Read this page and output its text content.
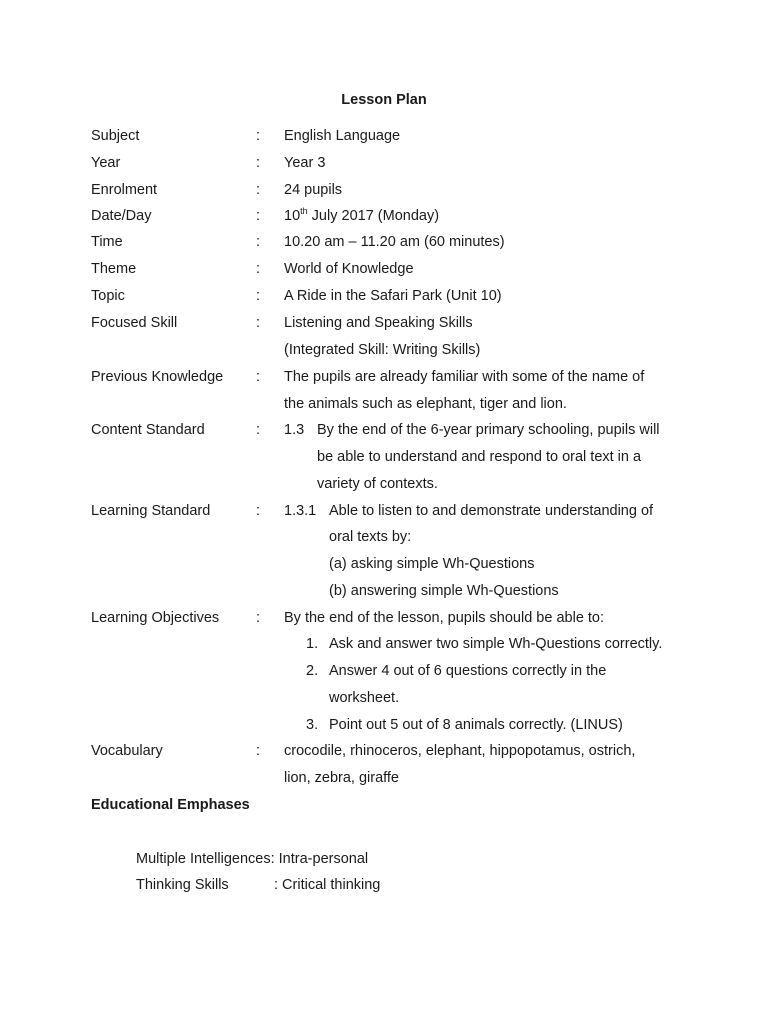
Lesson Plan
Subject	: English Language
Year	: Year 3
Enrolment	: 24 pupils
Date/Day	: 10th July 2017 (Monday)
Time	: 10.20 am – 11.20 am (60 minutes)
Theme	: World of Knowledge
Topic	: A Ride in the Safari Park (Unit 10)
Focused Skill	: Listening and Speaking Skills
(Integrated Skill: Writing Skills)
Previous Knowledge : The pupils are already familiar with some of the name of
the animals such as elephant, tiger and lion.
Content Standard	: 1.3 By the end of the 6-year primary schooling, pupils will
be able to understand and respond to oral text in a
variety of contexts.
Learning Standard	: 1.3.1 Able to listen to and demonstrate understanding of
oral texts by:
(a) asking simple Wh-Questions
(b) answering simple Wh-Questions
Learning Objectives	: By the end of the lesson, pupils should be able to:
1. Ask and answer two simple Wh-Questions correctly.
2. Answer 4 out of 6 questions correctly in the
worksheet.
3. Point out 5 out of 8 animals correctly. (LINUS)
Vocabulary	: crocodile, rhinoceros, elephant, hippopotamus, ostrich,
lion, zebra, giraffe
Educational Emphases
Multiple Intelligences: Intra-personal
Thinking Skills	: Critical thinking
